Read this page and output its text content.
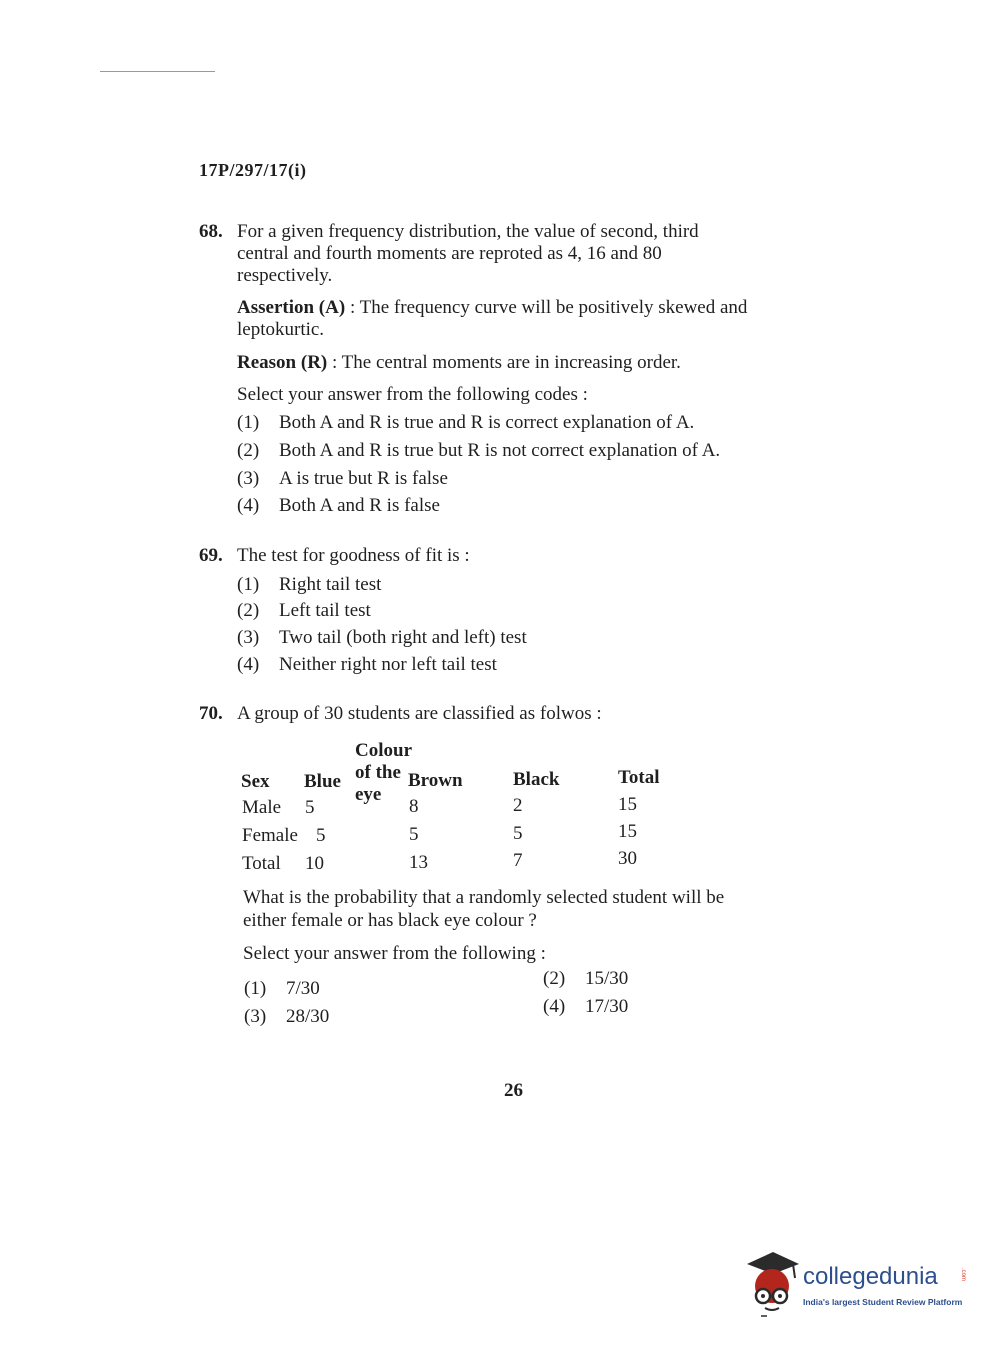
17P/297/17(i)
68. For a given frequency distribution, the value of second, third
central and fourth moments are reproted as 4, 16 and 80
respectively.
Assertion (A) : The frequency curve will be positively skewed and
leptokurtic.
Reason (R) : The central moments are in increasing order.
Select your answer from the following codes :
(1) Both A and R is true and R is correct explanation of A.
(2) Both A and R is true but R is not correct explanation of A.
(3) A is true but R is false
(4) Both A and R is false
69. The test for goodness of fit is :
(1) Right tail test
(2) Left tail test
(3) Two tail (both right and left) test
(4) Neither right nor left tail test
70. A group of 30 students are classified as folwos :
Colour of the eye
Sex Blue	Brown	Black	Total
Male 5	8	2	15
Female 5	5	5	15
Total 10	13	7	30
What is the probability that a randomly selected student will be
either female or has black eye colour ?
Select your answer from the following :
(1) 7/30	(2) 15/30
(3) 28/30	(4) 17/30
26
collegedunia	.com
India's largest Student Review Platform
